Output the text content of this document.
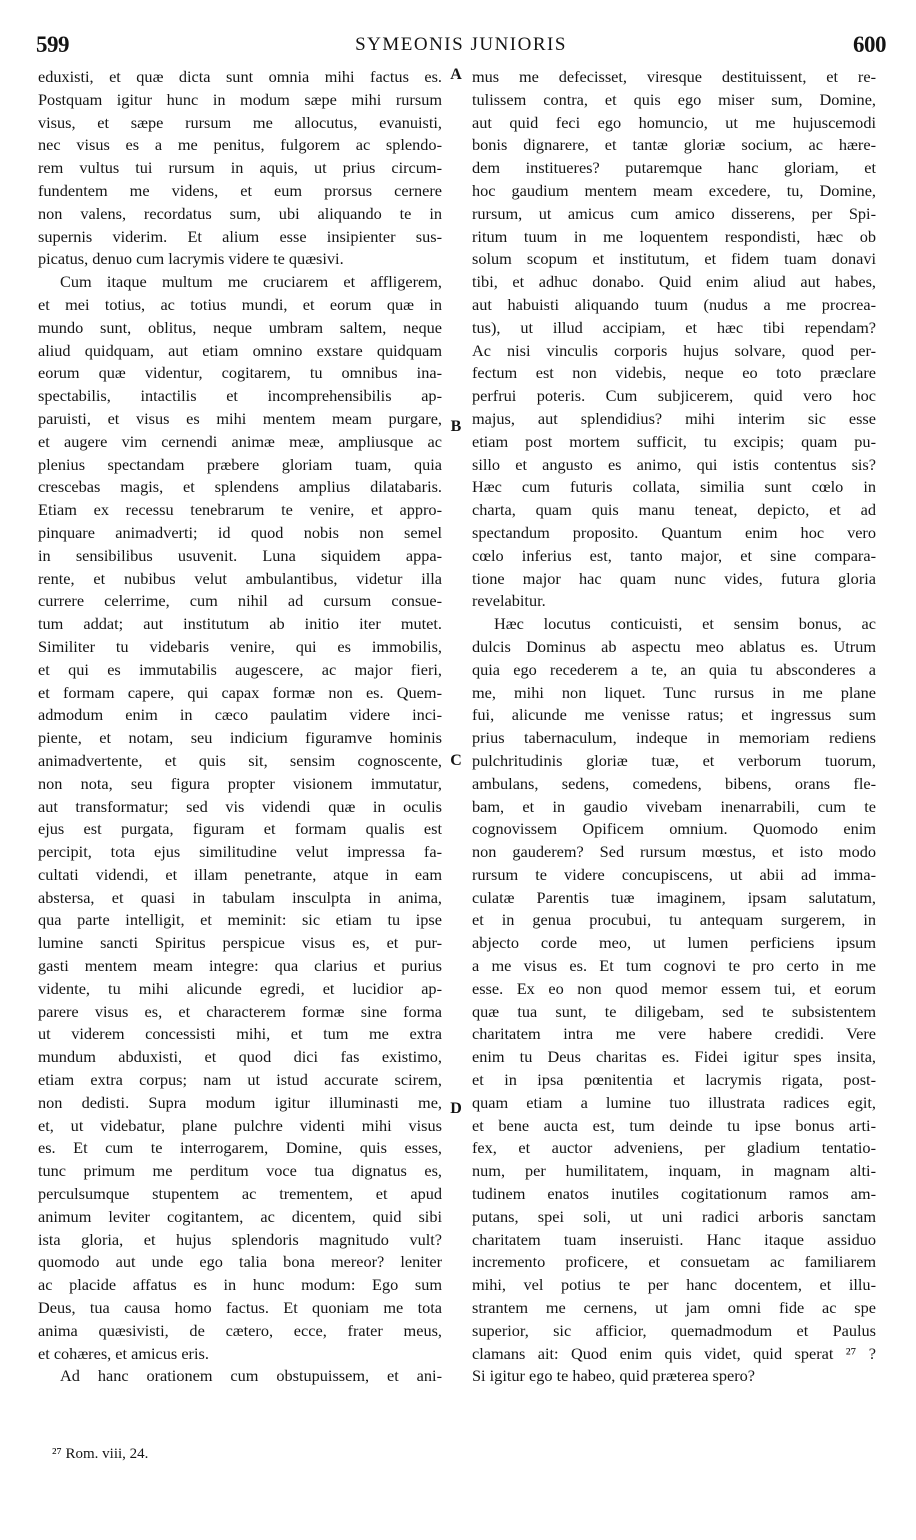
599	SYMEONIS JUNIORIS	600
eduxisti, et quæ dicta sunt omnia mihi factus es.
Postquam igitur hunc in modum sæpe mihi rursum
visus, et sæpe rursum me allocutus, evanuisti,
nec visus es a me penitus, fulgorem ac splendo-
rem vultus tui rursum in aquis, ut prius circum-
fundentem me videns, et eum prorsus cernere
non valens, recordatus sum, ubi aliquando te in
supernis viderim. Et alium esse insipienter sus-
picatus, denuo cum lacrymis videre te quæsivi.
Cum itaque multum me cruciarem et affligerem,
et mei totius, ac totius mundi, et eorum quæ in
mundo sunt, oblitus, neque umbram saltem, neque
aliud quidquam, aut etiam omnino exstare quidquam
eorum quæ videntur, cogitarem, tu omnibus ina-
spectabilis, intactilis et incomprehensibilis ap-
paruisti, et visus es mihi mentem meam purgare,
et augere vim cernendi animæ meæ, ampliusque ac
plenius spectandam præbere gloriam tuam, quia
crescebas magis, et splendens amplius dilatabaris.
Etiam ex recessu tenebrarum te venire, et appro-
pinquare animadverti; id quod nobis non semel
in sensibilibus usuvenit. Luna siquidem appa-
rente, et nubibus velut ambulantibus, videtur illa
currere celerrime, cum nihil ad cursum consue-
tum addat; aut institutum ab initio iter mutet.
Similiter tu videbaris venire, qui es immobilis,
et qui es immutabilis augescere, ac major fieri,
et formam capere, qui capax formæ non es. Quem-
admodum enim in cæco paulatim videre inci-
piente, et notam, seu indicium figuramve hominis
animadvertente, et quis sit, sensim cognoscente,
non nota, seu figura propter visionem immutatur,
aut transformatur; sed vis videndi quæ in oculis
ejus est purgata, figuram et formam qualis est
percipit, tota ejus similitudine velut impressa fa-
cultati videndi, et illam penetrante, atque in eam
abstersa, et quasi in tabulam insculpta in anima,
qua parte intelligit, et meminit: sic etiam tu ipse
lumine sancti Spiritus perspicue visus es, et pur-
gasti mentem meam integre: qua clarius et purius
vidente, tu mihi alicunde egredi, et lucidior ap-
parere visus es, et characterem formæ sine forma
ut viderem concessisti mihi, et tum me extra
mundum abduxisti, et quod dici fas existimo,
etiam extra corpus; nam ut istud accurate scirem,
non dedisti. Supra modum igitur illuminasti me,
et, ut videbatur, plane pulchre videnti mihi visus
es. Et cum te interrogarem, Domine, quis esses,
tunc primum me perditum voce tua dignatus es,
perculsumque stupentem ac trementem, et apud
animum leviter cogitantem, ac dicentem, quid sibi
ista gloria, et hujus splendoris magnitudo vult?
quomodo aut unde ego talia bona mereor? leniter
ac placide affatus es in hunc modum: Ego sum
Deus, tua causa homo factus. Et quoniam me tota
anima quæsivisti, de cætero, ecce, frater meus,
et cohæres, et amicus eris.
Ad hanc orationem cum obstupuissem, et ani-
mus me defecisset, viresque destituissent, et re-
tulissem contra, et quis ego miser sum, Domine,
aut quid feci ego homuncio, ut me hujuscemodi
bonis dignarere, et tantæ gloriæ socium, ac hære-
dem institueres? putaremque hanc gloriam, et
hoc gaudium mentem meam excedere, tu, Domine,
rursum, ut amicus cum amico disserens, per Spi-
ritum tuum in me loquentem respondisti, hæc ob
solum scopum et institutum, et fidem tuam donavi
tibi, et adhuc donabo. Quid enim aliud aut habes,
aut habuisti aliquando tuum (nudus a me procrea-
tus), ut illud accipiam, et hæc tibi rependam?
Ac nisi vinculis corporis hujus solvare, quod per-
fectum est non videbis, neque eo toto præclare
perfrui poteris. Cum subjicerem, quid vero hoc
majus, aut splendidius? mihi interim sic esse
etiam post mortem sufficit, tu excipis; quam pu-
sillo et angusto es animo, qui istis contentus sis?
Hæc cum futuris collata, similia sunt cœlo in
charta, quam quis manu teneat, depicto, et ad
spectandum proposito. Quantum enim hoc vero
cœlo inferius est, tanto major, et sine compara-
tione major hac quam nunc vides, futura gloria
revelabitur.
Hæc locutus conticuisti, et sensim bonus, ac
dulcis Dominus ab aspectu meo ablatus es. Utrum
quia ego recederem a te, an quia tu absconderes a
me, mihi non liquet. Tunc rursus in me plane
fui, alicunde me venisse ratus; et ingressus sum
prius tabernaculum, indeque in memoriam rediens
pulchritudinis gloriæ tuæ, et verborum tuorum,
ambulans, sedens, comedens, bibens, orans fle-
bam, et in gaudio vivebam inenarrabili, cum te
cognovissem Opificem omnium. Quomodo enim
non gauderem? Sed rursum mœstus, et isto modo
rursum te videre concupiscens, ut abii ad imma-
culatæ Parentis tuæ imaginem, ipsam salutatum,
et in genua procubui, tu antequam surgerem, in
abjecto corde meo, ut lumen perficiens ipsum
a me visus es. Et tum cognovi te pro certo in me
esse. Ex eo non quod memor essem tui, et eorum
quæ tua sunt, te diligebam, sed te subsistentem
charitatem intra me vere habere credidi. Vere
enim tu Deus charitas es. Fidei igitur spes insita,
et in ipsa pœnitentia et lacrymis rigata, post-
quam etiam a lumine tuo illustrata radices egit,
et bene aucta est, tum deinde tu ipse bonus arti-
fex, et auctor adveniens, per gladium tentatio-
num, per humilitatem, inquam, in magnam alti-
tudinem enatos inutiles cogitationum ramos am-
putans, spei soli, ut uni radici arboris sanctam
charitatem tuam inseruisti. Hanc itaque assiduo
incremento proficere, et consuetam ac familiarem
mihi, vel potius te per hanc docentem, et illu-
strantem me cernens, ut jam omni fide ac spe
superior, sic afficior, quemadmodum et Paulus
clamans ait: Quod enim quis videt, quid sperat ²⁷ ?
Si igitur ego te habeo, quid præterea spero?
A
B
C
D
²⁷ Rom. viii, 24.
